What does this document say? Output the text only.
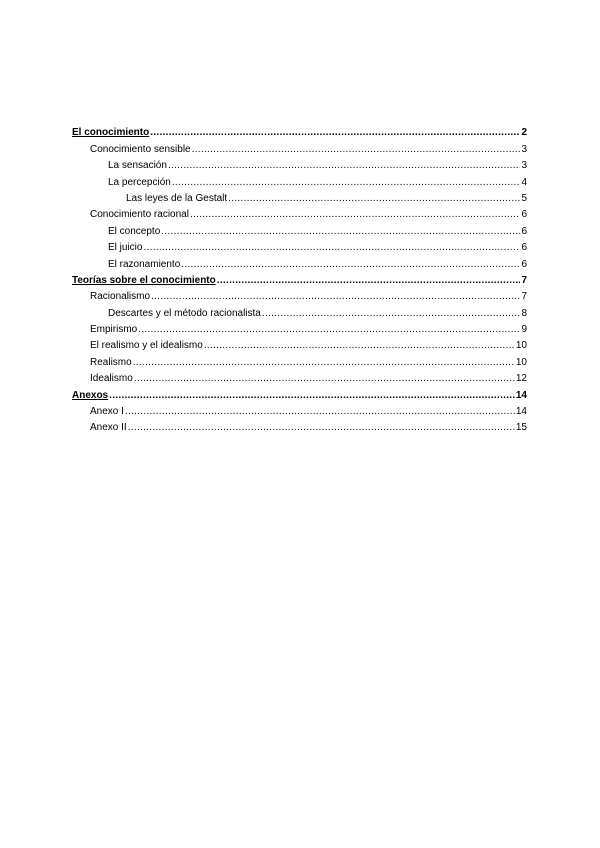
El conocimiento .....	2
Conocimiento sensible .....	3
La sensación .....	3
La percepción .....	4
Las leyes de la Gestalt .....	5
Conocimiento racional .....	6
El concepto .....	6
El juicio .....	6
El razonamiento .....	6
Teorías sobre el conocimiento .....	7
Racionalismo .....	7
Descartes y el método racionalista .....	8
Empirismo .....	9
El realismo y el idealismo .....	10
Realismo .....	10
Idealismo .....	12
Anexos .....	14
Anexo I .....	14
Anexo II .....	15
